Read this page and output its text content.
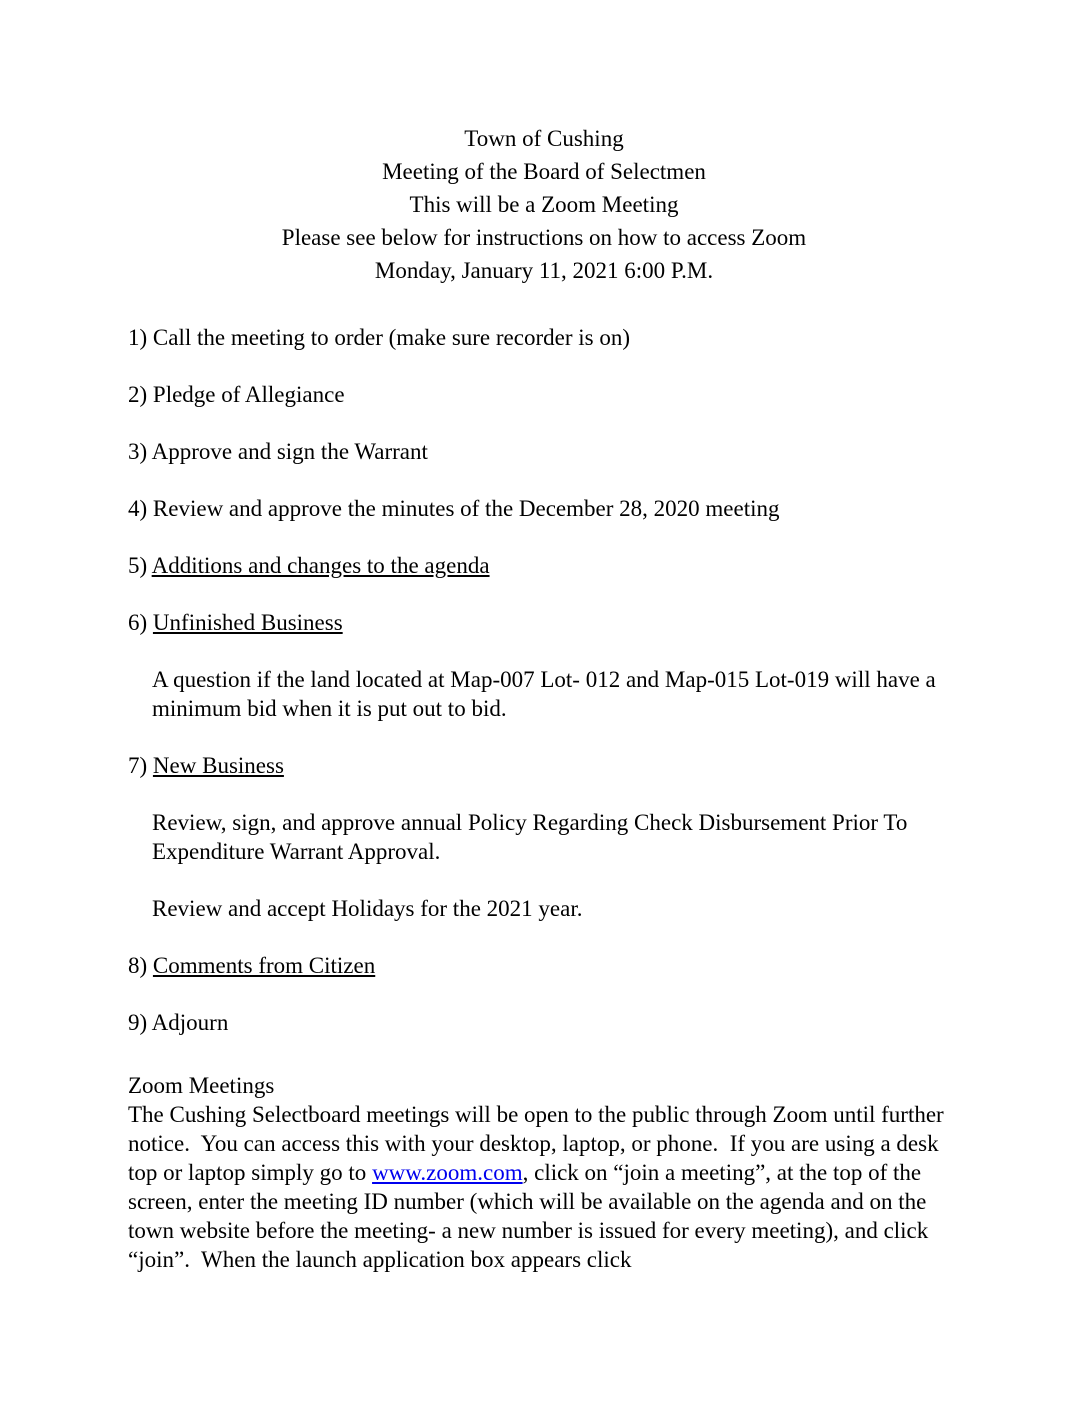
Town of Cushing
Meeting of the Board of Selectmen
This will be a Zoom Meeting
Please see below for instructions on how to access Zoom
Monday, January 11, 2021 6:00 P.M.
1) Call the meeting to order (make sure recorder is on)
2) Pledge of Allegiance
3) Approve and sign the Warrant
4) Review and approve the minutes of the December 28, 2020 meeting
5) Additions and changes to the agenda
6) Unfinished Business
A question if the land located at Map-007 Lot- 012 and Map-015 Lot-019 will have a minimum bid when it is put out to bid.
7) New Business
Review, sign, and approve annual Policy Regarding Check Disbursement Prior To Expenditure Warrant Approval.
Review and accept Holidays for the 2021 year.
8) Comments from Citizen
9) Adjourn
Zoom Meetings

The Cushing Selectboard meetings will be open to the public through Zoom until further notice.  You can access this with your desktop, laptop, or phone.  If you are using a desk top or laptop simply go to www.zoom.com, click on “join a meeting”, at the top of the screen, enter the meeting ID number (which will be available on the agenda and on the town website before the meeting- a new number is issued for every meeting), and click “join”.  When the launch application box appears click
